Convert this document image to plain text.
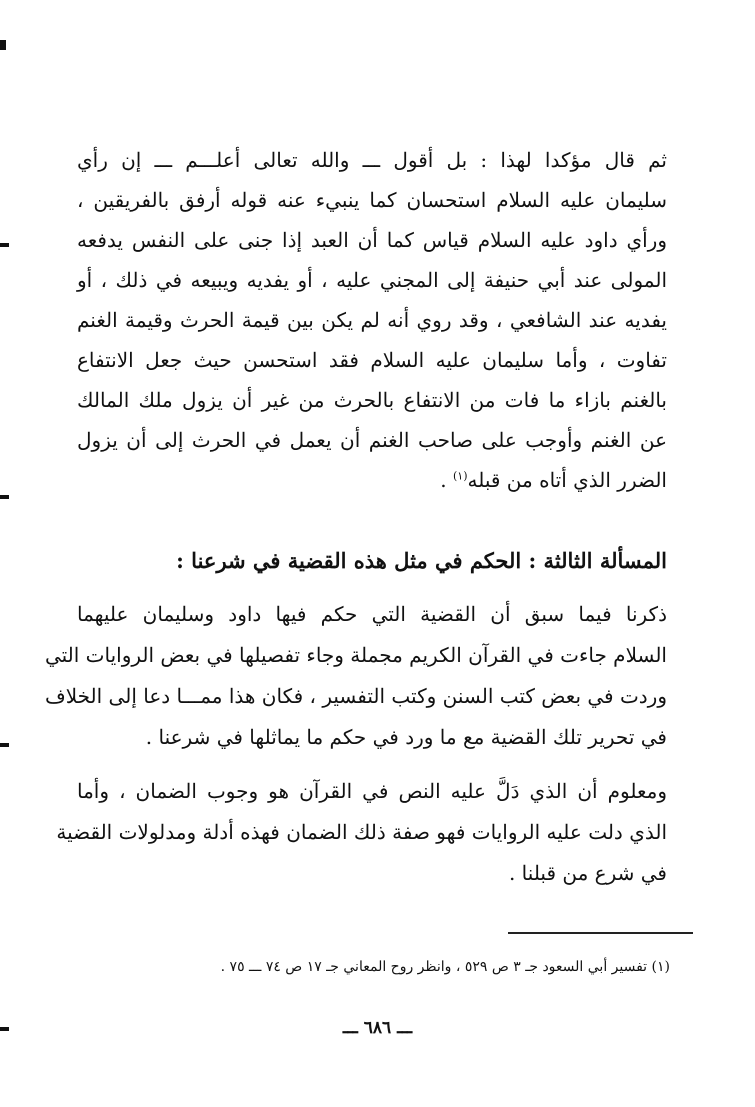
ثم قال مؤكدا لهذا : بل أقول ـــ والله تعالى أعلـــم ـــ إن رأي
سليمان عليه السلام استحسان كما ينبيء عنه قوله أرفق بالفريقين ،
ورأي داود عليه السلام قياس كما أن العبد إذا جنى على النفس يدفعه
المولى عند أبي حنيفة إلى المجني عليه ، أو يفديه ويبيعه في ذلك ، أو
يفديه عند الشافعي ، وقد روي أنه لم يكن بين قيمة الحرث وقيمة الغنم
تفاوت ، وأما سليمان عليه السلام فقد استحسن حيث جعل الانتفاع
بالغنم بازاء ما فات من الانتفاع بالحرث من غير أن يزول ملك المالك
عن الغنم وأوجب على صاحب الغنم أن يعمل في الحرث إلى أن يزول
الضرر الذي أتاه من قبله$^{(١)}$ .
المسألة الثالثة : الحكم في مثل هذه القضية في شرعنا :
ذكرنا فيما سبق أن القضية التي حكم فيها داود وسليمان عليهما
السلام جاءت في القرآن الكريم مجملة وجاء تفصيلها في بعض الروايات التي
وردت في بعض كتب السنن وكتب التفسير ، فكان هذا ممـــا دعا إلى الخلاف
في تحرير تلك القضية مع ما ورد في حكم ما يماثلها في شرعنا .
ومعلوم أن الذي دَلَّ عليه النص في القرآن هو وجوب الضمان ، وأما
الذي دلت عليه الروايات فهو صفة ذلك الضمان فهذه أدلة ومدلولات القضية
في شرع من قبلنا .
(١) تفسير أبي السعود جـ ٣ ص ٥٢٩ ، وانظر روح المعاني جـ ١٧ ص ٧٤ ـــ ٧٥ .
ـــ ٦٨٦ ـــ
